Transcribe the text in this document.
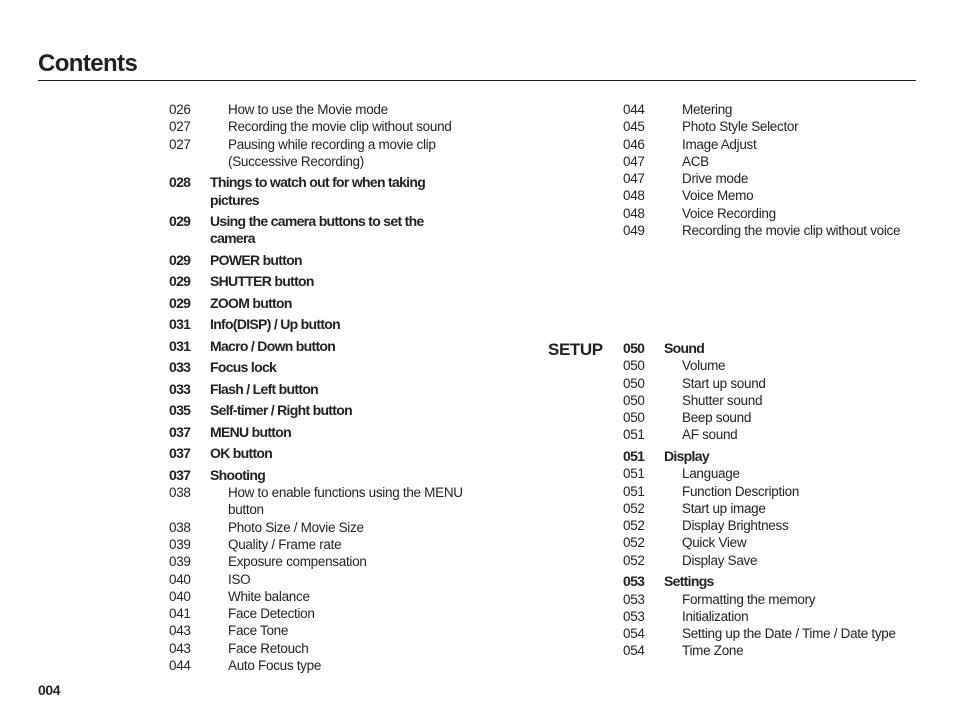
Contents
026	How to use the Movie mode
027	Recording the movie clip without sound
027	Pausing while recording a movie clip (Successive Recording)
028 Things to watch out for when taking pictures
029 Using the camera buttons to set the camera
029 POWER button
029 SHUTTER button
029 ZOOM button
031 Info(DISP) / Up button
031 Macro / Down button
033 Focus lock
033 Flash / Left button
035 Self-timer / Right button
037 MENU button
037 OK button
037 Shooting
038	How to enable functions using the MENU button
038	Photo Size / Movie Size
039	Quality / Frame rate
039	Exposure compensation
040	ISO
040	White balance
041	Face Detection
043	Face Tone
043	Face Retouch
044	Auto Focus type
044	Metering
045	Photo Style Selector
046	Image Adjust
047	ACB
047	Drive mode
048	Voice Memo
048	Voice Recording
049	Recording the movie clip without voice
SETUP 050 Sound
050	Volume
050	Start up sound
050	Shutter sound
050	Beep sound
051	AF sound
051 Display
051	Language
051	Function Description
052	Start up image
052	Display Brightness
052	Quick View
052	Display Save
053 Settings
053	Formatting the memory
053	Initialization
054	Setting up the Date / Time / Date type
054	Time Zone
004
